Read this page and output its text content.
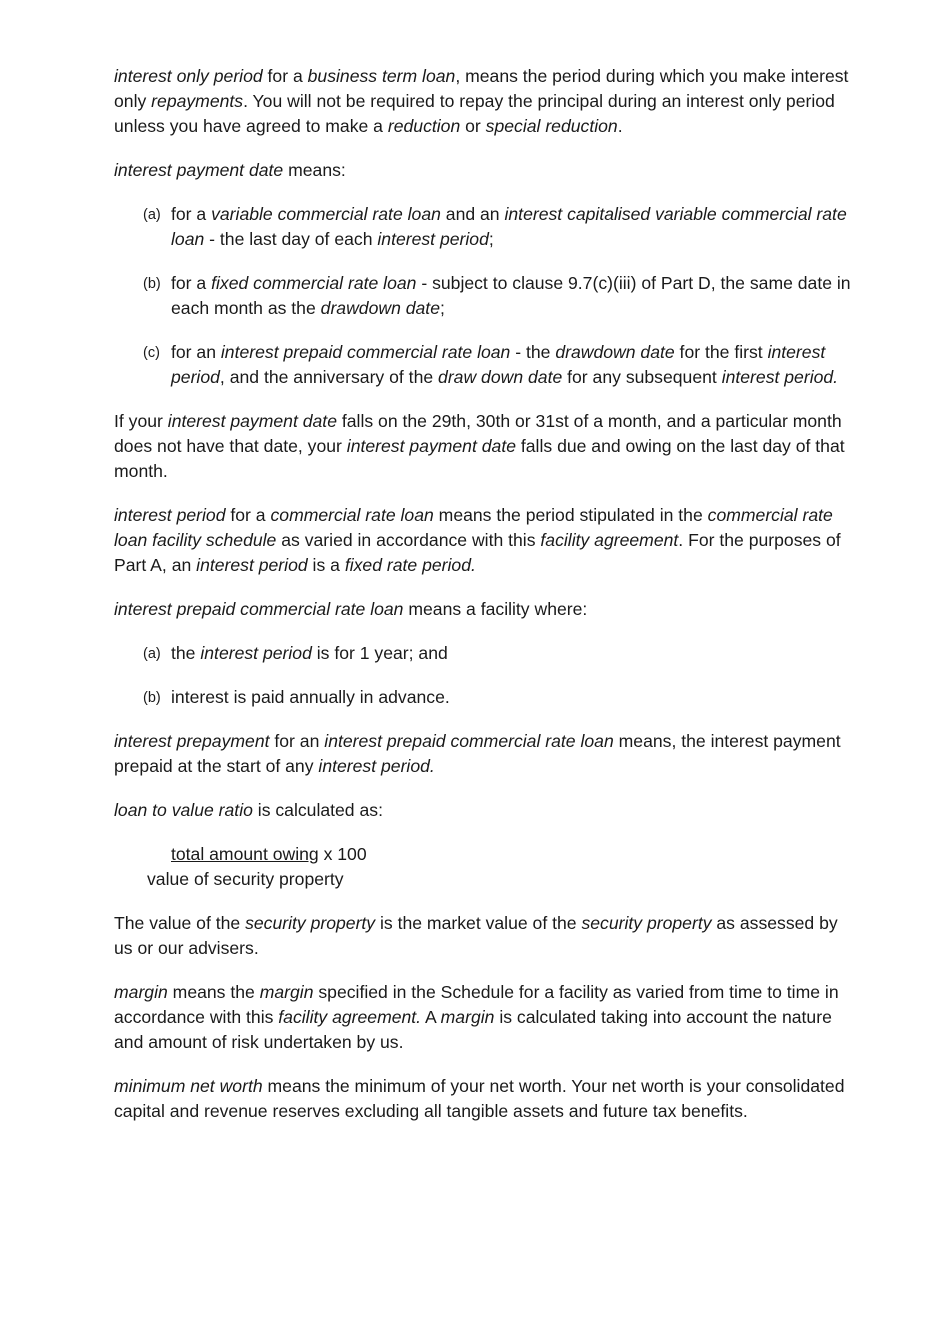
interest only period for a business term loan, means the period during which you make interest only repayments. You will not be required to repay the principal during an interest only period unless you have agreed to make a reduction or special reduction.

interest payment date means:

(a) for a variable commercial rate loan and an interest capitalised variable commercial rate loan - the last day of each interest period;
(b) for a fixed commercial rate loan - subject to clause 9.7(c)(iii) of Part D, the same date in each month as the drawdown date;
(c) for an interest prepaid commercial rate loan - the drawdown date for the first interest period, and the anniversary of the draw down date for any subsequent interest period.

If your interest payment date falls on the 29th, 30th or 31st of a month, and a particular month does not have that date, your interest payment date falls due and owing on the last day of that month.

interest period for a commercial rate loan means the period stipulated in the commercial rate loan facility schedule as varied in accordance with this facility agreement. For the purposes of Part A, an interest period is a fixed rate period.

interest prepaid commercial rate loan means a facility where:

(a) the interest period is for 1 year; and
(b) interest is paid annually in advance.

interest prepayment for an interest prepaid commercial rate loan means, the interest payment prepaid at the start of any interest period.

loan to value ratio is calculated as:

total amount owing x 100
value of security property

The value of the security property is the market value of the security property as assessed by us or our advisers.

margin means the margin specified in the Schedule for a facility as varied from time to time in accordance with this facility agreement. A margin is calculated taking into account the nature and amount of risk undertaken by us.

minimum net worth means the minimum of your net worth. Your net worth is your consolidated capital and revenue reserves excluding all tangible assets and future tax benefits.
